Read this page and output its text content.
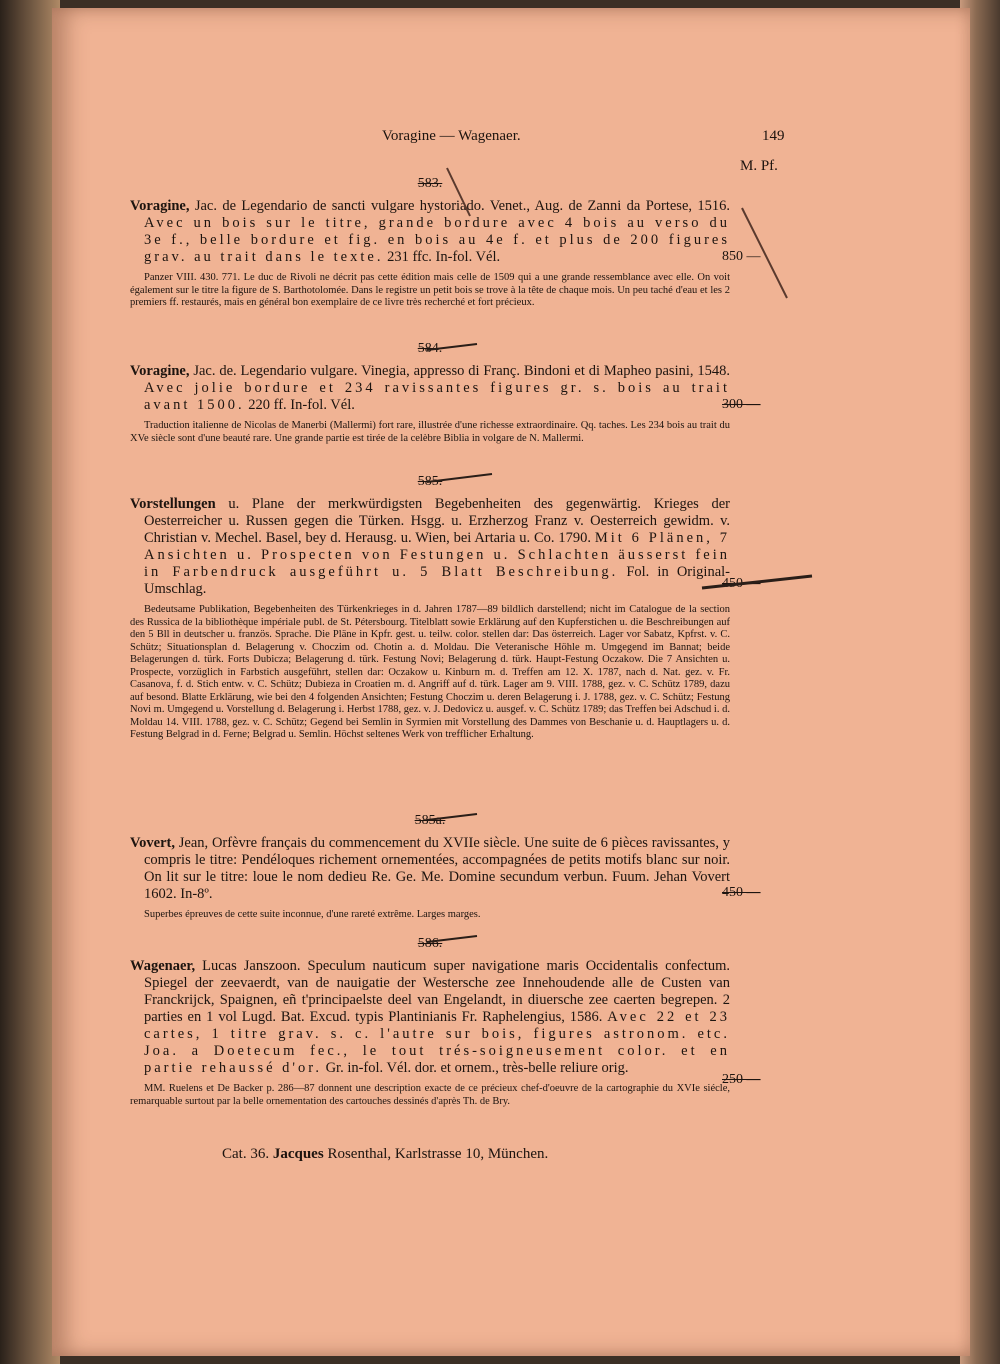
Voragine — Wagenaer.	149
M. Pf.
583.

Voragine, Jac. de Legendario de sancti vulgare hystoriado. Venet., Aug. de Zanni da Portese, 1516. Avec un bois sur le titre, grande bordure avec 4 bois au verso du 3e f., belle bordure et fig. en bois au 4e f. et plus de 200 figures grav. au trait dans le texte. 231 ffc. In-fol. Vél.

Panzer VIII. 430. 771. Le duc de Rivoli ne décrit pas cette édition mais celle de 1509 qui a une grande ressemblance avec elle. On voit également sur le titre la figure de S. Barthotolomée. Dans le registre un petit bois se trove à la tête de chaque mois. Un peu taché d'eau et les 2 premiers ff. restaurés, mais en général bon exemplaire de ce livre très recherché et fort précieux.

850 —
584.

Voragine, Jac. de. Legendario vulgare. Vinegia, appresso di Franç. Bindoni et di Mapheo pasini, 1548. Avec jolie bordure et 234 ravissantes figures gr. s. bois au trait avant 1500. 220 ff. In-fol. Vél.

Traduction italienne de Nicolas de Manerbi (Mallermi) fort rare, illustrée d'une richesse extraordinaire. Qq. taches. Les 234 bois au trait du XVe siècle sont d'une beauté rare. Une grande partie est tirée de la celèbre Biblia in volgare de N. Mallermi.

300 —
585.

Vorstellungen u. Plane der merkwürdigsten Begebenheiten des gegenwärtig. Krieges der Oesterreicher u. Russen gegen die Türken. Hsgg. u. Erzherzog Franz v. Oesterreich gewidm. v. Christian v. Mechel. Basel, bey d. Herausg. u. Wien, bei Artaria u. Co. 1790. Mit 6 Plänen, 7 Ansichten u. Prospecten von Festungen u. Schlachten äusserst fein in Farbendruck ausgeführt u. 5 Blatt Beschreibung. Fol. in Original-Umschlag.

Bedeutsame Publikation, Begebenheiten des Türkenkrieges in d. Jahren 1787—89 bildlich darstellend; nicht im Catalogue de la section des Russica de la bibliothèque impériale publ. de St. Pétersbourg. Titelblatt sowie Erklärung auf den Kupferstichen u. die Beschreibungen auf den 5 Bll in deutscher u. französ. Sprache. Die Pläne in Kpfr. gest. u. teilw. color. stellen dar: Das österreich. Lager vor Sabatz, Kpfrst. v. C. Schütz; Situationsplan d. Belagerung v. Choczim od. Chotin a. d. Moldau. Die Veteranische Höhle m. Umgegend im Bannat; beide Belagerungen d. türk. Forts Dubicza; Belagerung d. türk. Festung Novi; Belagerung d. türk. Haupt-Festung Oczakow. Die 7 Ansichten u. Prospecte, vorzüglich in Farbstich ausgeführt, stellen dar: Oczakow u. Kinburn m. d. Treffen am 12. X. 1787, nach d. Nat. gez. v. Fr. Casanova, f. d. Stich entw. v. C. Schütz; Dubieza in Croatien m. d. Angriff auf d. türk. Lager am 9. VIII. 1788, gez. v. C. Schütz 1789, dazu auf besond. Blatte Erklärung, wie bei den 4 folgenden Ansichten; Festung Choczim u. deren Belagerung i. J. 1788, gez. v. C. Schütz; Festung Novi m. Umgegend u. Vorstellung d. Belagerung i. Herbst 1788, gez. v. J. Dedovicz u. ausgef. v. C. Schütz 1789; das Treffen bei Adschud i. d. Moldau 14. VIII. 1788, gez. v. C. Schütz; Gegend bei Semlin in Syrmien mit Vorstellung des Dammes von Beschanie u. d. Hauptlagers u. d. Festung Belgrad in d. Ferne; Belgrad u. Semlin. Höchst seltenes Werk von trefflicher Erhaltung.

450 —
585a.

Vovert, Jean, Orfèvre français du commencement du XVIIe siècle. Une suite de 6 pièces ravissantes, y compris le titre: Pendéloques richement ornementées, accompagnées de petits motifs blanc sur noir. On lit sur le titre: loue le nom dedieu Re. Ge. Me. Domine secundum verbun. Fuum. Jehan Vovert 1602. In-8º.

Superbes épreuves de cette suite inconnue, d'une rareté extrême. Larges marges.

450 —
586.

Wagenaer, Lucas Janszoon. Speculum nauticum super navigatione maris Occidentalis confectum. Spiegel der zeevaerdt, van de nauigatie der Westersche zee Innehoudende alle de Custen van Franckrijck, Spaignen, eñ t'principaelste deel van Engelandt, in diuersche zee caerten begrepen. 2 parties en 1 vol Lugd. Bat. Excud. typis Plantinianis Fr. Raphelengius, 1586. Avec 22 et 23 cartes, 1 titre grav. s. c. l'autre sur bois, figures astronom. etc. Joa. a Doetecum fec., le tout trés-soigneusement color. et en partie rehaussé d'or. Gr. in-fol. Vél. dor. et ornem., très-belle reliure orig.

MM. Ruelens et De Backer p. 286—87 donnent une description exacte de ce précieux chef-d'oeuvre de la cartographie du XVIe siécle, remarquable surtout par la belle ornementation des cartouches dessinés d'après Th. de Bry.

250 —
Cat. 36. Jacques Rosenthal, Karlstrasse 10, München.
